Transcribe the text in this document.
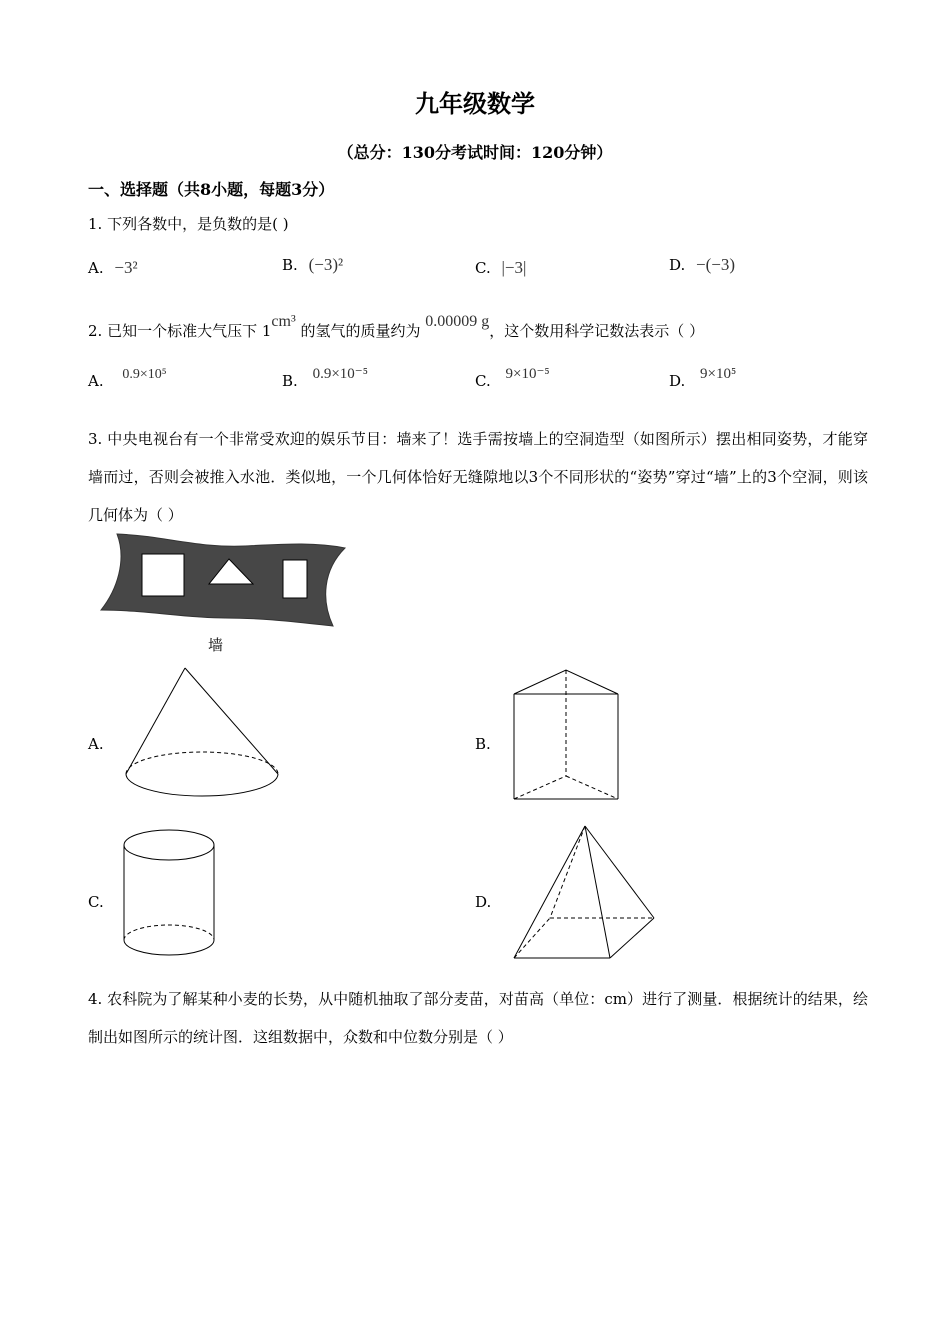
九年级数学
（总分：130分考试时间：120分钟）
一、选择题（共8小题，每题3分）
1. 下列各数中，是负数的是( )
A. −3²	B. (−3)²	C. |−3|	D. −(−3)
2. 已知一个标准大气压下 1cm³ 的氢气的质量约为 0.00009 g，这个数用科学记数法表示（ ）
A. 0.9×10⁵	B. 0.9×10⁻⁵	C. 9×10⁻⁵	D. 9×10⁵
3. 中央电视台有一个非常受欢迎的娱乐节目：墙来了！选手需按墙上的空洞造型（如图所示）摆出相同姿势，才能穿墙而过，否则会被推入水池．类似地，一个几何体恰好无缝隙地以3个不同形状的“姿势”穿过“墙”上的3个空洞，则该几何体为（ ）
墙
A.	B.
C.	D.
4. 农科院为了解某种小麦的长势，从中随机抽取了部分麦苗，对苗高（单位：cm）进行了测量．根据统计的结果，绘制出如图所示的统计图．这组数据中，众数和中位数分别是（ ）
